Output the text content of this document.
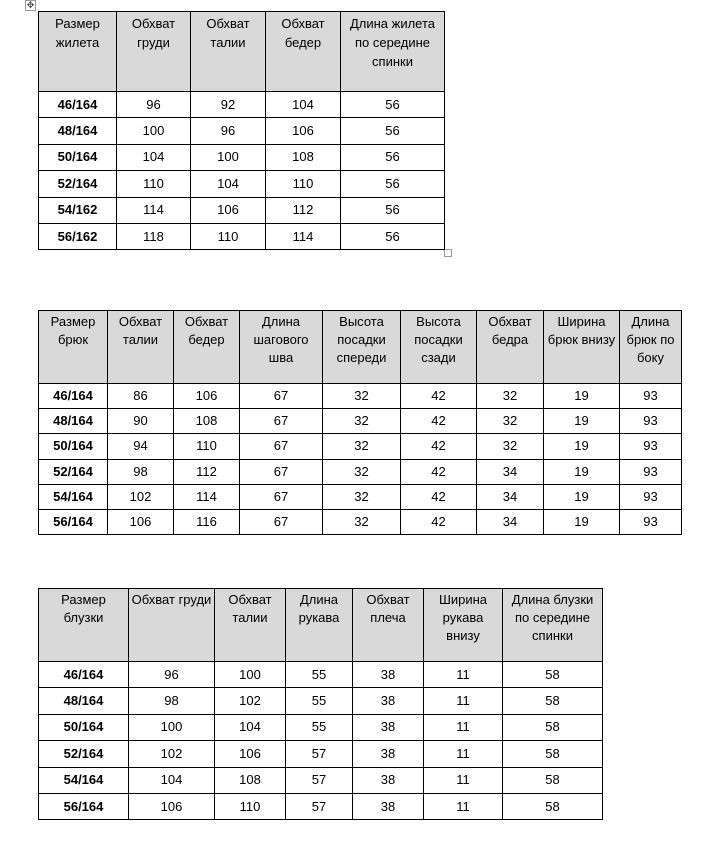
✥
Размер жилета	Обхват груди	Обхват талии	Обхват бедер	Длина жилета по середине спинки
46/164	96	92	104	56
48/164	100	96	106	56
50/164	104	100	108	56
52/164	110	104	110	56
54/162	114	106	112	56
56/162	118	110	114	56
Размер брюк	Обхват талии	Обхват бедер	Длина шагового шва	Высота посадки спереди	Высота посадки сзади	Обхват бедра	Ширина брюк внизу	Длина брюк по боку
46/164	86	106	67	32	42	32	19	93
48/164	90	108	67	32	42	32	19	93
50/164	94	110	67	32	42	32	19	93
52/164	98	112	67	32	42	34	19	93
54/164	102	114	67	32	42	34	19	93
56/164	106	116	67	32	42	34	19	93
Размер блузки	Обхват груди	Обхват талии	Длина рукава	Обхват плеча	Ширина рукава внизу	Длина блузки по середине спинки
46/164	96	100	55	38	11	58
48/164	98	102	55	38	11	58
50/164	100	104	55	38	11	58
52/164	102	106	57	38	11	58
54/164	104	108	57	38	11	58
56/164	106	110	57	38	11	58
